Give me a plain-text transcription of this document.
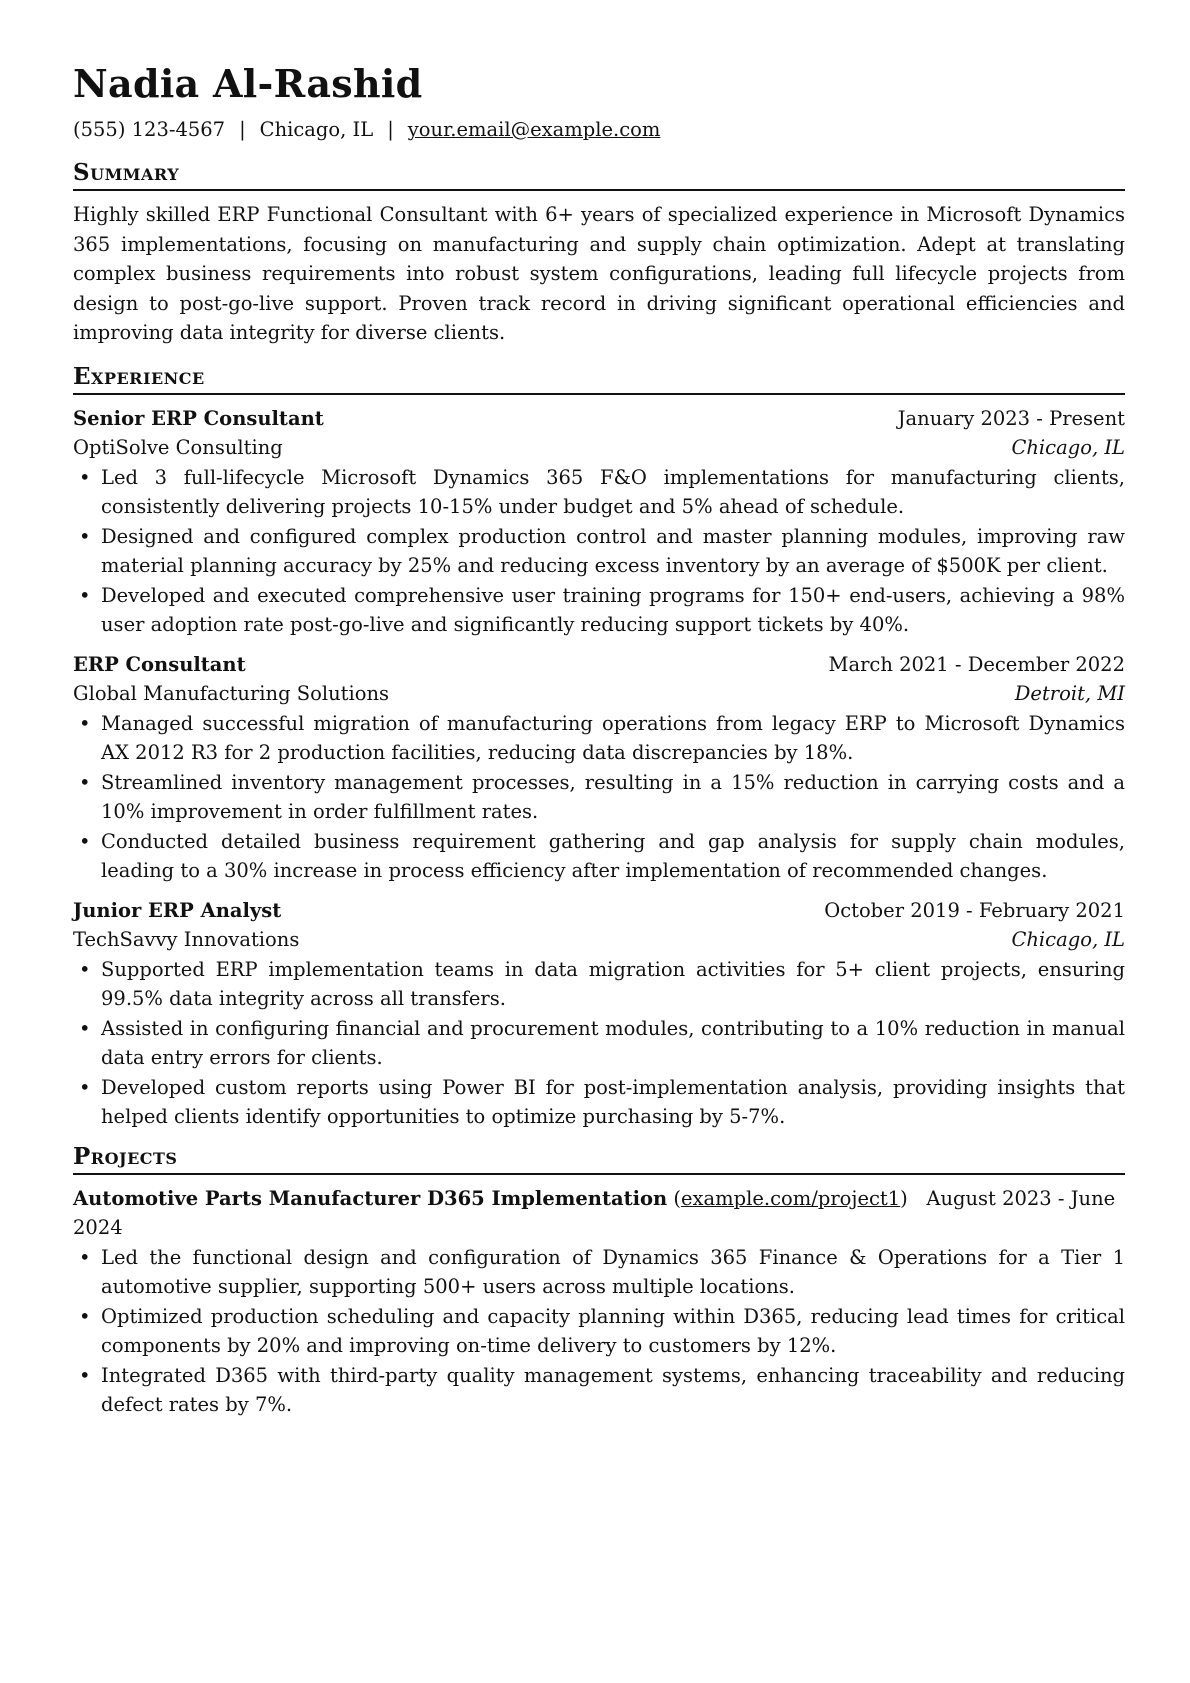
Nadia Al-Rashid
(555) 123-4567 | Chicago, IL | your.email@example.com
Summary

Highly skilled ERP Functional Consultant with 6+ years of specialized experience in Microsoft Dynamics 365 implementations, focusing on manufacturing and supply chain optimization. Adept at translating complex business requirements into robust system configurations, leading full lifecycle projects from design to post-go-live support. Proven track record in driving significant operational efficiencies and improving data integrity for diverse clients.

Experience
Senior ERP Consultant	January 2023 - Present
OptiSolve Consulting	Chicago, IL
• Led 3 full-lifecycle Microsoft Dynamics 365 F&O implementations for manufacturing clients, consistently delivering projects 10-15% under budget and 5% ahead of schedule.
• Designed and configured complex production control and master planning modules, improving raw material planning accuracy by 25% and reducing excess inventory by an average of $500K per client.
• Developed and executed comprehensive user training programs for 150+ end-users, achieving a 98% user adoption rate post-go-live and significantly reducing support tickets by 40%.
ERP Consultant	March 2021 - December 2022
Global Manufacturing Solutions	Detroit, MI
• Managed successful migration of manufacturing operations from legacy ERP to Microsoft Dynamics AX 2012 R3 for 2 production facilities, reducing data discrepancies by 18%.
• Streamlined inventory management processes, resulting in a 15% reduction in carrying costs and a 10% improvement in order fulfillment rates.
• Conducted detailed business requirement gathering and gap analysis for supply chain modules, leading to a 30% increase in process efficiency after implementation of recommended changes.
Junior ERP Analyst	October 2019 - February 2021
TechSavvy Innovations	Chicago, IL
• Supported ERP implementation teams in data migration activities for 5+ client projects, ensuring 99.5% data integrity across all transfers.
• Assisted in configuring financial and procurement modules, contributing to a 10% reduction in manual data entry errors for clients.
• Developed custom reports using Power BI for post-implementation analysis, providing insights that helped clients identify opportunities to optimize purchasing by 5-7%.
Projects
Automotive Parts Manufacturer D365 Implementation (example.com/project1)   August 2023 - June 2024
• Led the functional design and configuration of Dynamics 365 Finance & Operations for a Tier 1 automotive supplier, supporting 500+ users across multiple locations.
• Optimized production scheduling and capacity planning within D365, reducing lead times for critical components by 20% and improving on-time delivery to customers by 12%.
• Integrated D365 with third-party quality management systems, enhancing traceability and reducing defect rates by 7%.
